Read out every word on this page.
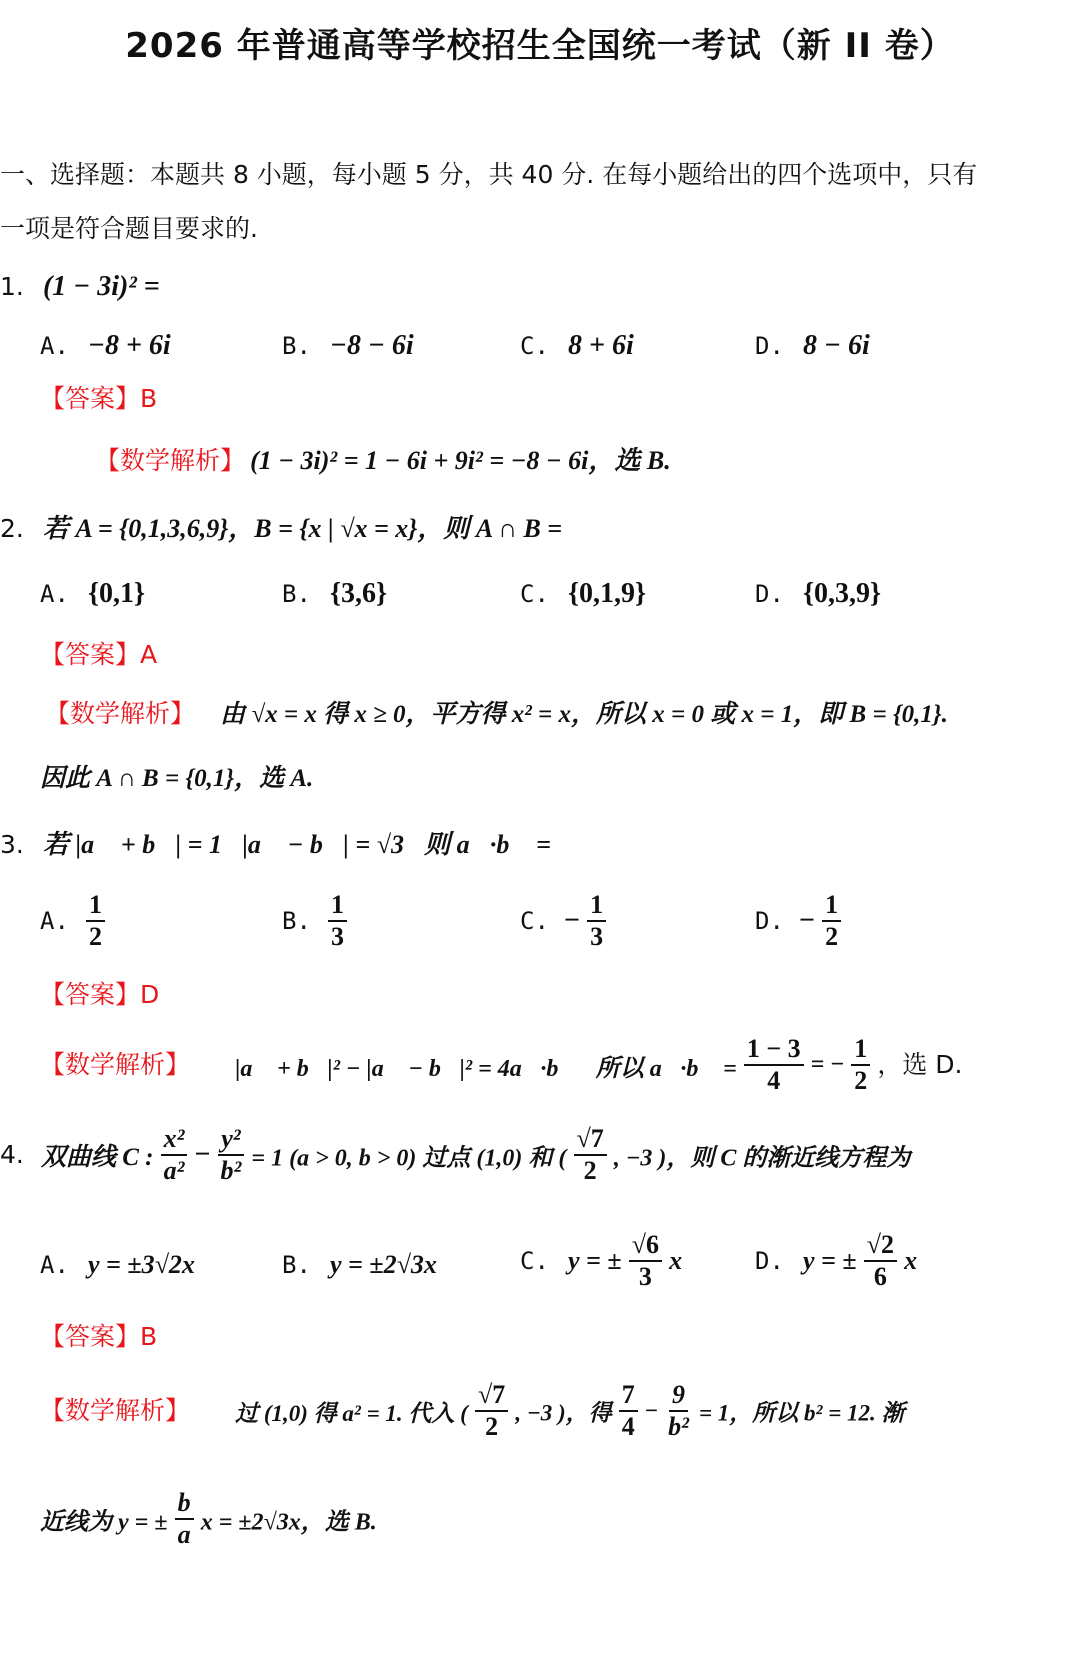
2026 年普通高等学校招生全国统一考试（新 II 卷）
一、选择题：本题共 8 小题，每小题 5 分，共 40 分. 在每小题给出的四个选项中，只有
一项是符合题目要求的.
1. (1 − 3i)² =
A. −8 + 6i	B. −8 − 6i	C. 8 + 6i	D. 8 − 6i
【答案】B
【数学解析】 (1 − 3i)² = 1 − 6i + 9i² = −8 − 6i，选 B.
2. 若 A = {0,1,3,6,9}，B = {x | √x = x}，则 A ∩ B =
A. {0,1}	B. {3,6}	C. {0,1,9}	D. {0,3,9}
【答案】A
【数学解析】 由 √x = x 得 x ≥ 0，平方得 x² = x，所以 x = 0 或 x = 1，即 B = {0,1}.
因此 A ∩ B = {0,1}，选 A.
3. 若 |a⃗ + b⃗| = 1，|a⃗ − b⃗| = √3，则 a⃗·b⃗ =
A. $\frac{1}{2}$	B. $\frac{1}{3}$	C. − $\frac{1}{3}$	D. − $\frac{1}{2}$
【答案】D
【数学解析】 |a⃗ + b⃗|² − |a⃗ − b⃗|² = 4a⃗·b⃗，所以 a⃗·b⃗ = $\frac{1 - 3}{4}$ = − $\frac{1}{2}$ ，选 D.
4. 双曲线 C : $\frac{\text{x²}}{\text{a²}} - \frac{\text{y²}}{\text{b²}} = 1$ (a > 0, b > 0) 过点 (1,0) 和 ( $\frac{√7}{2}$ , −3 )，则 C 的渐近线方程为
A. y = ±3√2x	B. y = ±2√3x	C. y = ± $\frac{√6}{3}$ x	D. y = ± $\frac{√2}{6}$ x
【答案】B
【数学解析】 过 (1,0) 得 a² = 1. 代入 ( $\frac{√7}{2}$ , −3 )，得 $\frac{7}{4} - \frac{9}{\text{b²}} = 1$，所以 b² = 12. 渐
近线为 y = ± $\frac{b}{a}$ x = ±2√3x，选 B.
